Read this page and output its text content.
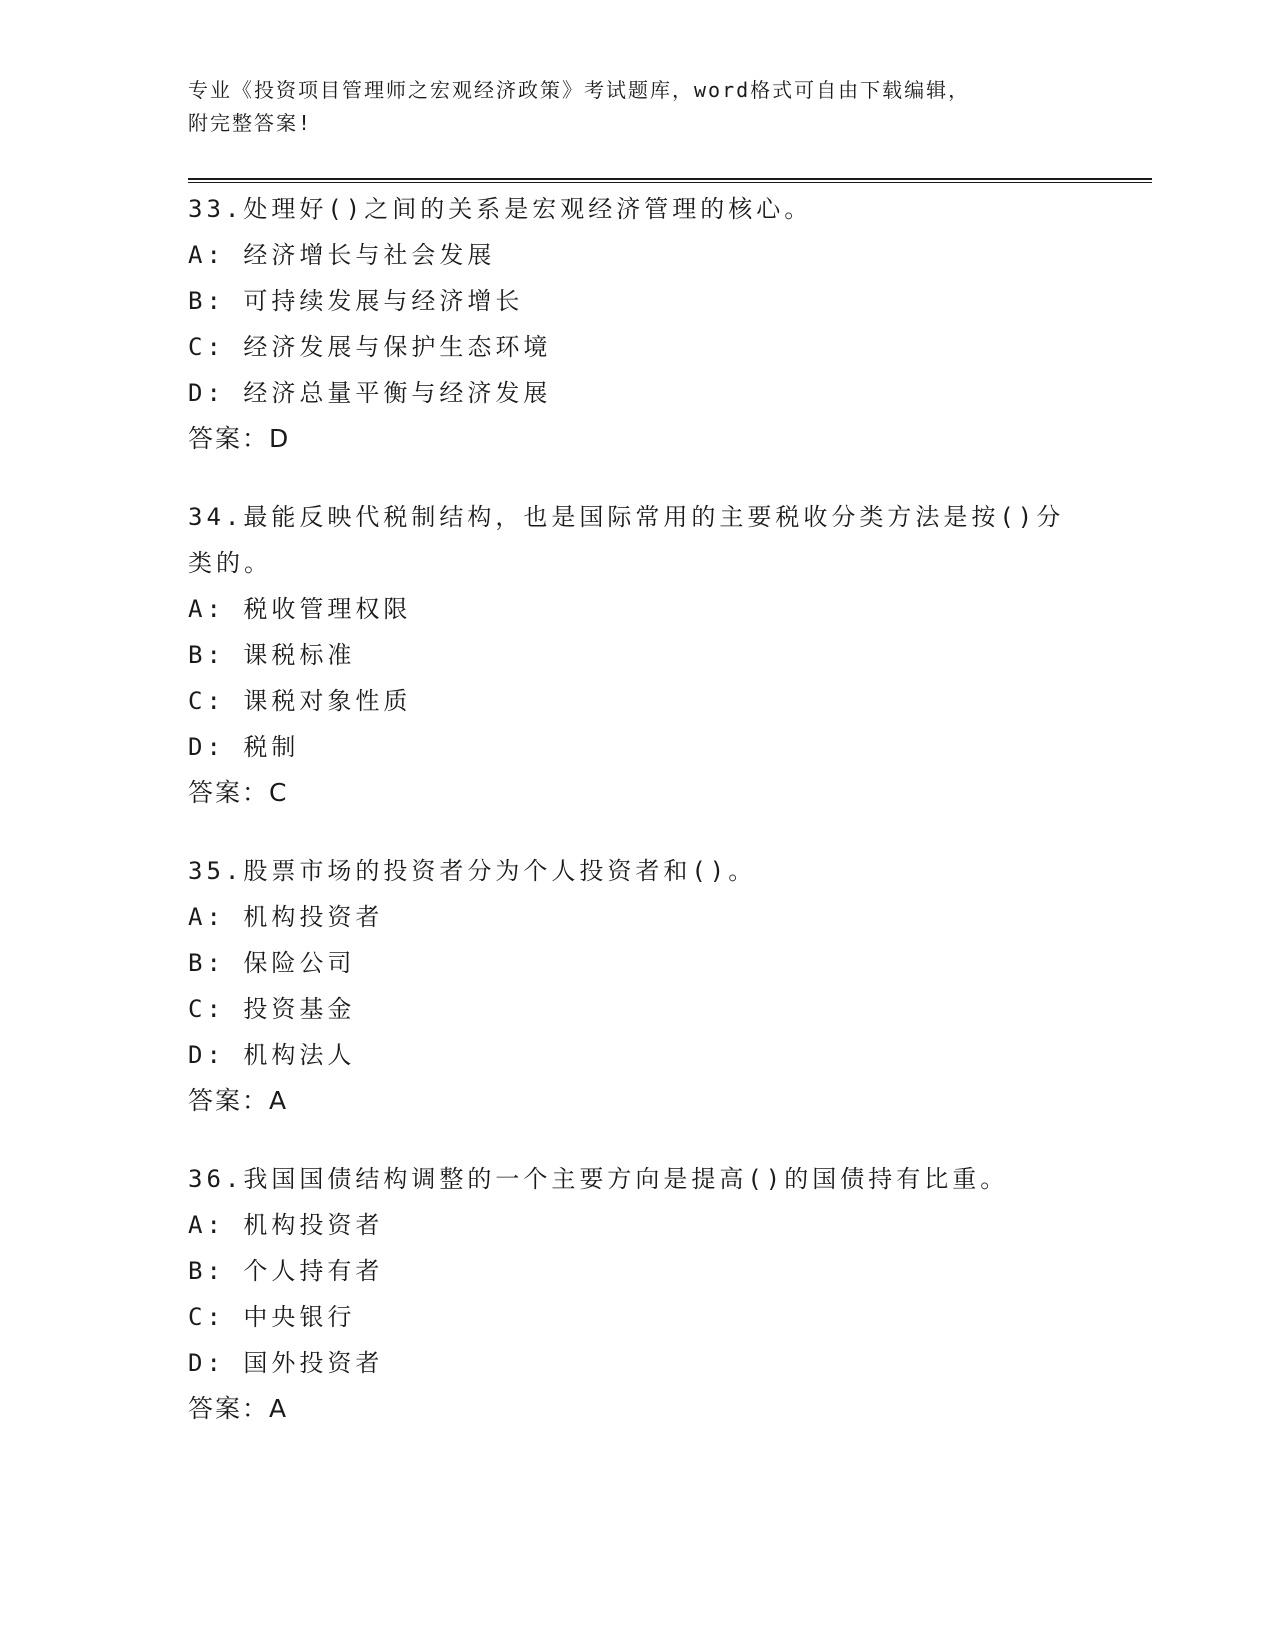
专业《投资项目管理师之宏观经济政策》考试题库，word格式可自由下载编辑，

附完整答案!

33.处理好()之间的关系是宏观经济管理的核心。
A: 经济增长与社会发展
B: 可持续发展与经济增长
C: 经济发展与保护生态环境
D: 经济总量平衡与经济发展
答案：D
34.最能反映代税制结构，也是国际常用的主要税收分类方法是按()分
类的。
A: 税收管理权限
B: 课税标准
C: 课税对象性质
D: 税制
答案：C
35.股票市场的投资者分为个人投资者和()。
A: 机构投资者
B: 保险公司
C: 投资基金
D: 机构法人
答案：A
36.我国国债结构调整的一个主要方向是提高()的国债持有比重。
A: 机构投资者
B: 个人持有者
C: 中央银行
D: 国外投资者
答案：A
